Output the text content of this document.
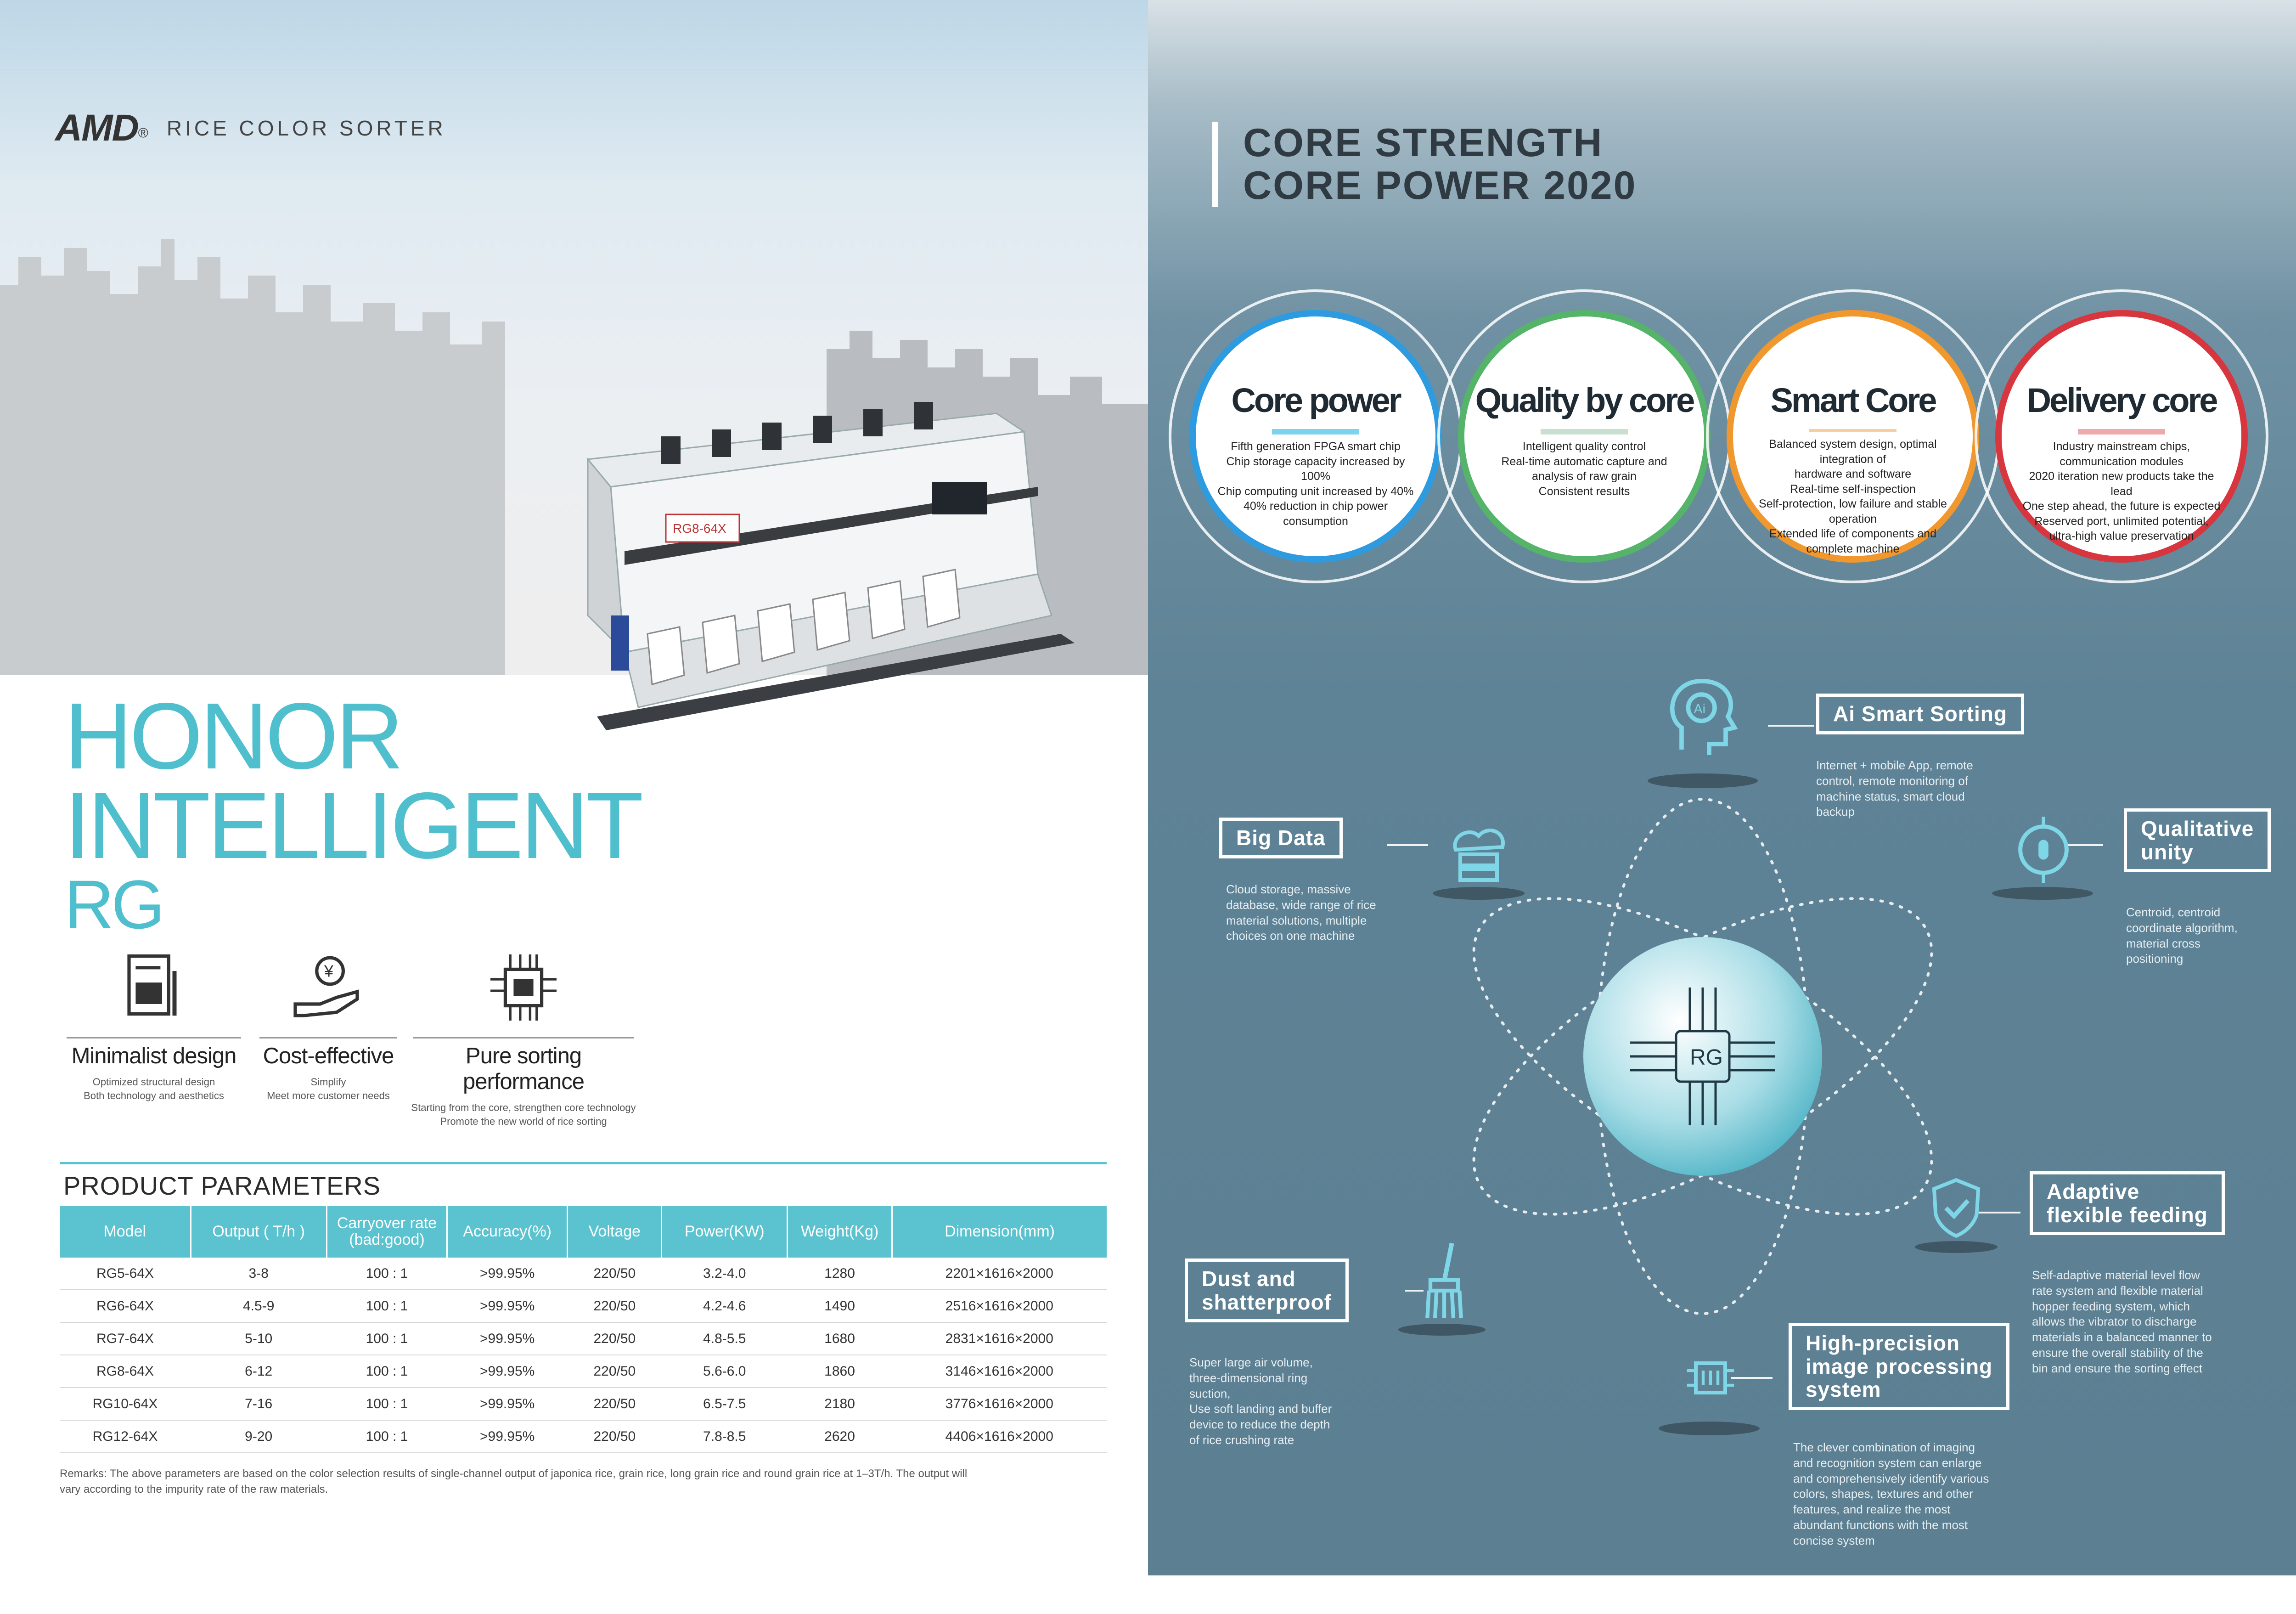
AMD® RICE COLOR SORTER
RG8-64X
HONOR
INTELLIGENT
RG
Minimalist design
Optimized structural design
Both technology and aesthetics
¥
Cost-effective
Simplify
Meet more customer needs
Pure sorting performance
Starting from the core, strengthen core technology
Promote the new world of rice sorting
PRODUCT PARAMETERS
Model	Output ( T/h )	Carryover rate
(bad:good)	Accuracy(%)	Voltage	Power(KW)	Weight(Kg)	Dimension(mm)
RG5-64X	3-8	100 : 1	>99.95%	220/50	3.2-4.0	1280	2201×1616×2000
RG6-64X	4.5-9	100 : 1	>99.95%	220/50	4.2-4.6	1490	2516×1616×2000
RG7-64X	5-10	100 : 1	>99.95%	220/50	4.8-5.5	1680	2831×1616×2000
RG8-64X	6-12	100 : 1	>99.95%	220/50	5.6-6.0	1860	3146×1616×2000
RG10-64X	7-16	100 : 1	>99.95%	220/50	6.5-7.5	2180	3776×1616×2000
RG12-64X	9-20	100 : 1	>99.95%	220/50	7.8-8.5	2620	4406×1616×2000
Remarks: The above parameters are based on the color selection results of single-channel output of japonica rice, grain rice, long grain rice and round grain rice at 1–3T/h. The output will
vary according to the impurity rate of the raw materials.
RG
CORE STRENGTH
CORE POWER 2020
Core power
Fifth generation FPGA smart chip
Chip storage capacity increased by 100%
Chip computing unit increased by 40%
40% reduction in chip power consumption
Quality by core
Intelligent quality control
Real-time automatic capture and
analysis of raw grain
Consistent results
Smart Core
Balanced system design, optimal integration of
hardware and software
Real-time self-inspection
Self-protection, low failure and stable operation
Extended life of components and
complete machine
Delivery core
Industry mainstream chips, communication modules
2020 iteration new products take the lead
One step ahead, the future is expected
Reserved port, unlimited potential,
ultra-high value preservation
Ai	Ai Smart Sorting
Internet + mobile App, remote
control, remote monitoring of
machine status, smart cloud
backup
Big Data
Cloud storage, massive
database, wide range of rice
material solutions, multiple
choices on one machine
Qualitative
unity
Centroid, centroid
coordinate algorithm,
material cross
positioning
Adaptive
flexible feeding
Self-adaptive material level flow
rate system and flexible material
hopper feeding system, which
allows the vibrator to discharge
materials in a balanced manner to
ensure the overall stability of the
bin and ensure the sorting effect
Dust and
shatterproof
Super large air volume,
three-dimensional ring
suction,
Use soft landing and buffer
device to reduce the depth
of rice crushing rate
High-precision
image processing
system
The clever combination of imaging
and recognition system can enlarge
and comprehensively identify various
colors, shapes, textures and other
features, and realize the most
abundant functions with the most
concise system
